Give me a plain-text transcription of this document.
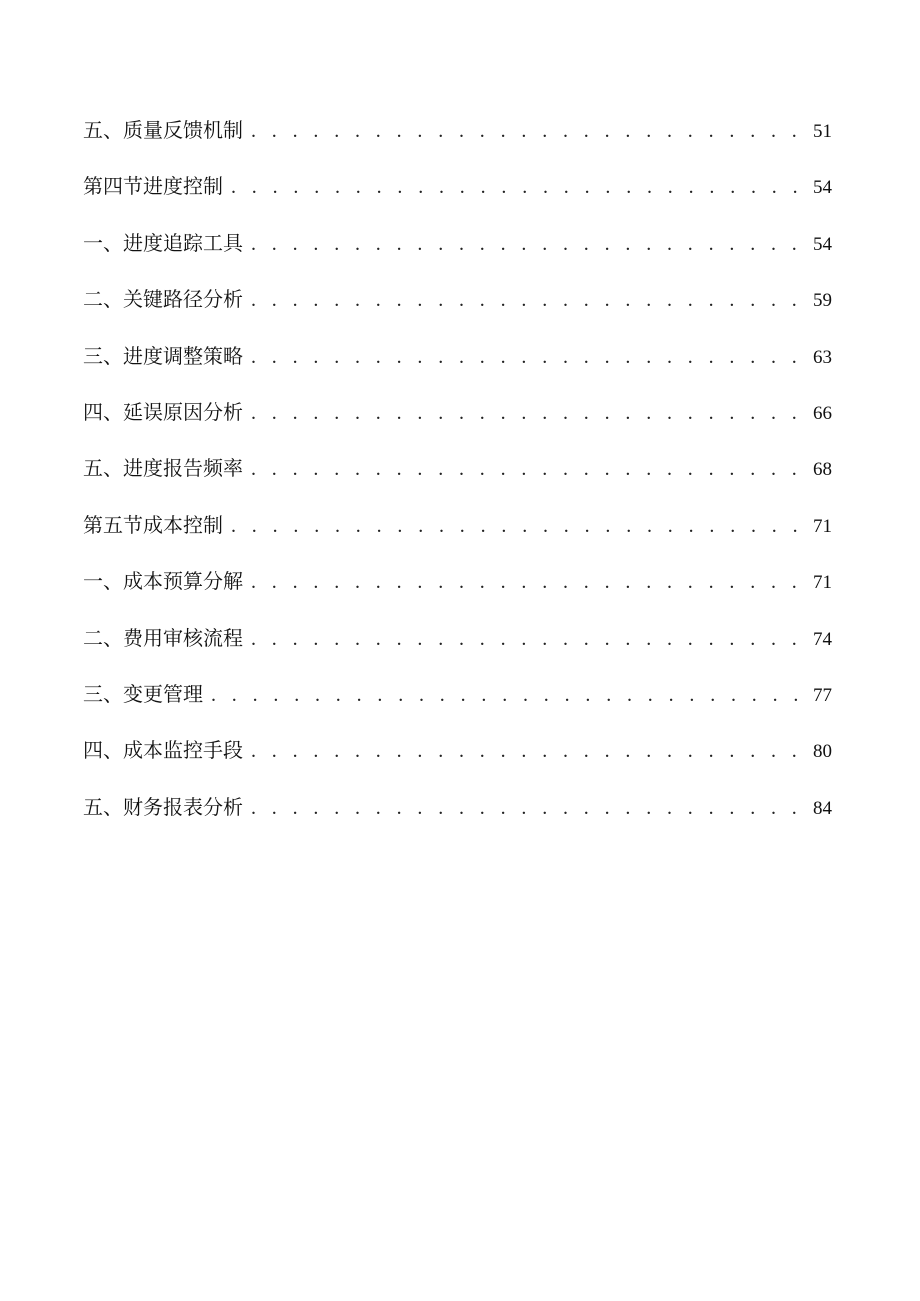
五、质量反馈机制 . . .	51
第四节进度控制 . . .	54
一、进度追踪工具 . . .	54
二、关键路径分析 . . .	59
三、进度调整策略 . . .	63
四、延误原因分析 . . .	66
五、进度报告频率 . . .	68
第五节成本控制 . . .	71
一、成本预算分解 . . .	71
二、费用审核流程 . . .	74
三、变更管理 . . .	77
四、成本监控手段 . . .	80
五、财务报表分析 . . .	84
